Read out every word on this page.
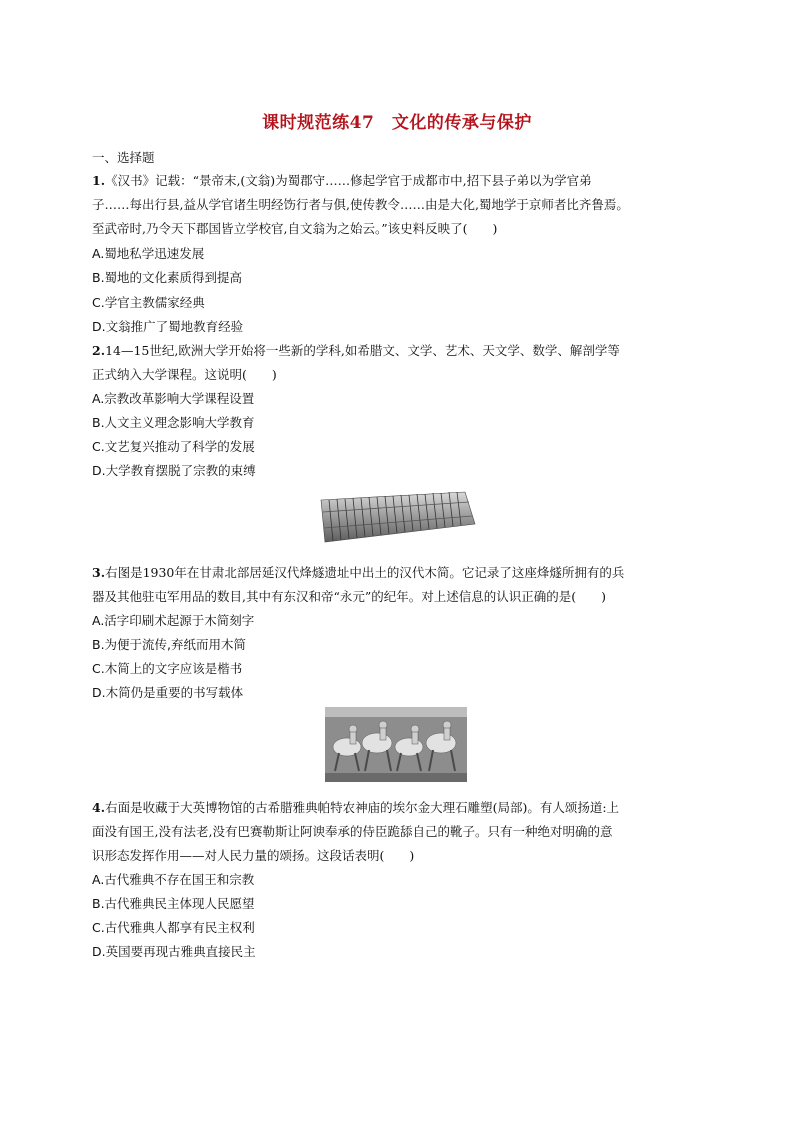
课时规范练47　文化的传承与保护
一、选择题
1.《汉书》记载：“景帝末,(文翁)为蜀郡守……修起学官于成都市中,招下县子弟以为学官弟
子……每出行县,益从学官诸生明经饬行者与俱,使传教令……由是大化,蜀地学于京师者比齐鲁焉。
至武帝时,乃令天下郡国皆立学校官,自文翁为之始云。”该史料反映了(　　)
A.蜀地私学迅速发展
B.蜀地的文化素质得到提高
C.学官主教儒家经典
D.文翁推广了蜀地教育经验
2.14—15世纪,欧洲大学开始将一些新的学科,如希腊文、文学、艺术、天文学、数学、解剖学等
正式纳入大学课程。这说明(　　)
A.宗教改革影响大学课程设置
B.人文主义理念影响大学教育
C.文艺复兴推动了科学的发展
D.大学教育摆脱了宗教的束缚
3.右图是1930年在甘肃北部居延汉代烽燧遗址中出土的汉代木简。它记录了这座烽燧所拥有的兵
器及其他驻屯军用品的数目,其中有东汉和帝“永元”的纪年。对上述信息的认识正确的是(　　)
A.活字印刷术起源于木简刻字
B.为便于流传,弃纸而用木简
C.木简上的文字应该是楷书
D.木简仍是重要的书写载体
4.右面是收藏于大英博物馆的古希腊雅典帕特农神庙的埃尔金大理石雕塑(局部)。有人颂扬道:上
面没有国王,没有法老,没有巴赛勒斯让阿谀奉承的侍臣跪舔自己的靴子。只有一种绝对明确的意
识形态发挥作用——对人民力量的颂扬。这段话表明(　　)
A.古代雅典不存在国王和宗教
B.古代雅典民主体现人民愿望
C.古代雅典人都享有民主权利
D.英国要再现古雅典直接民主
